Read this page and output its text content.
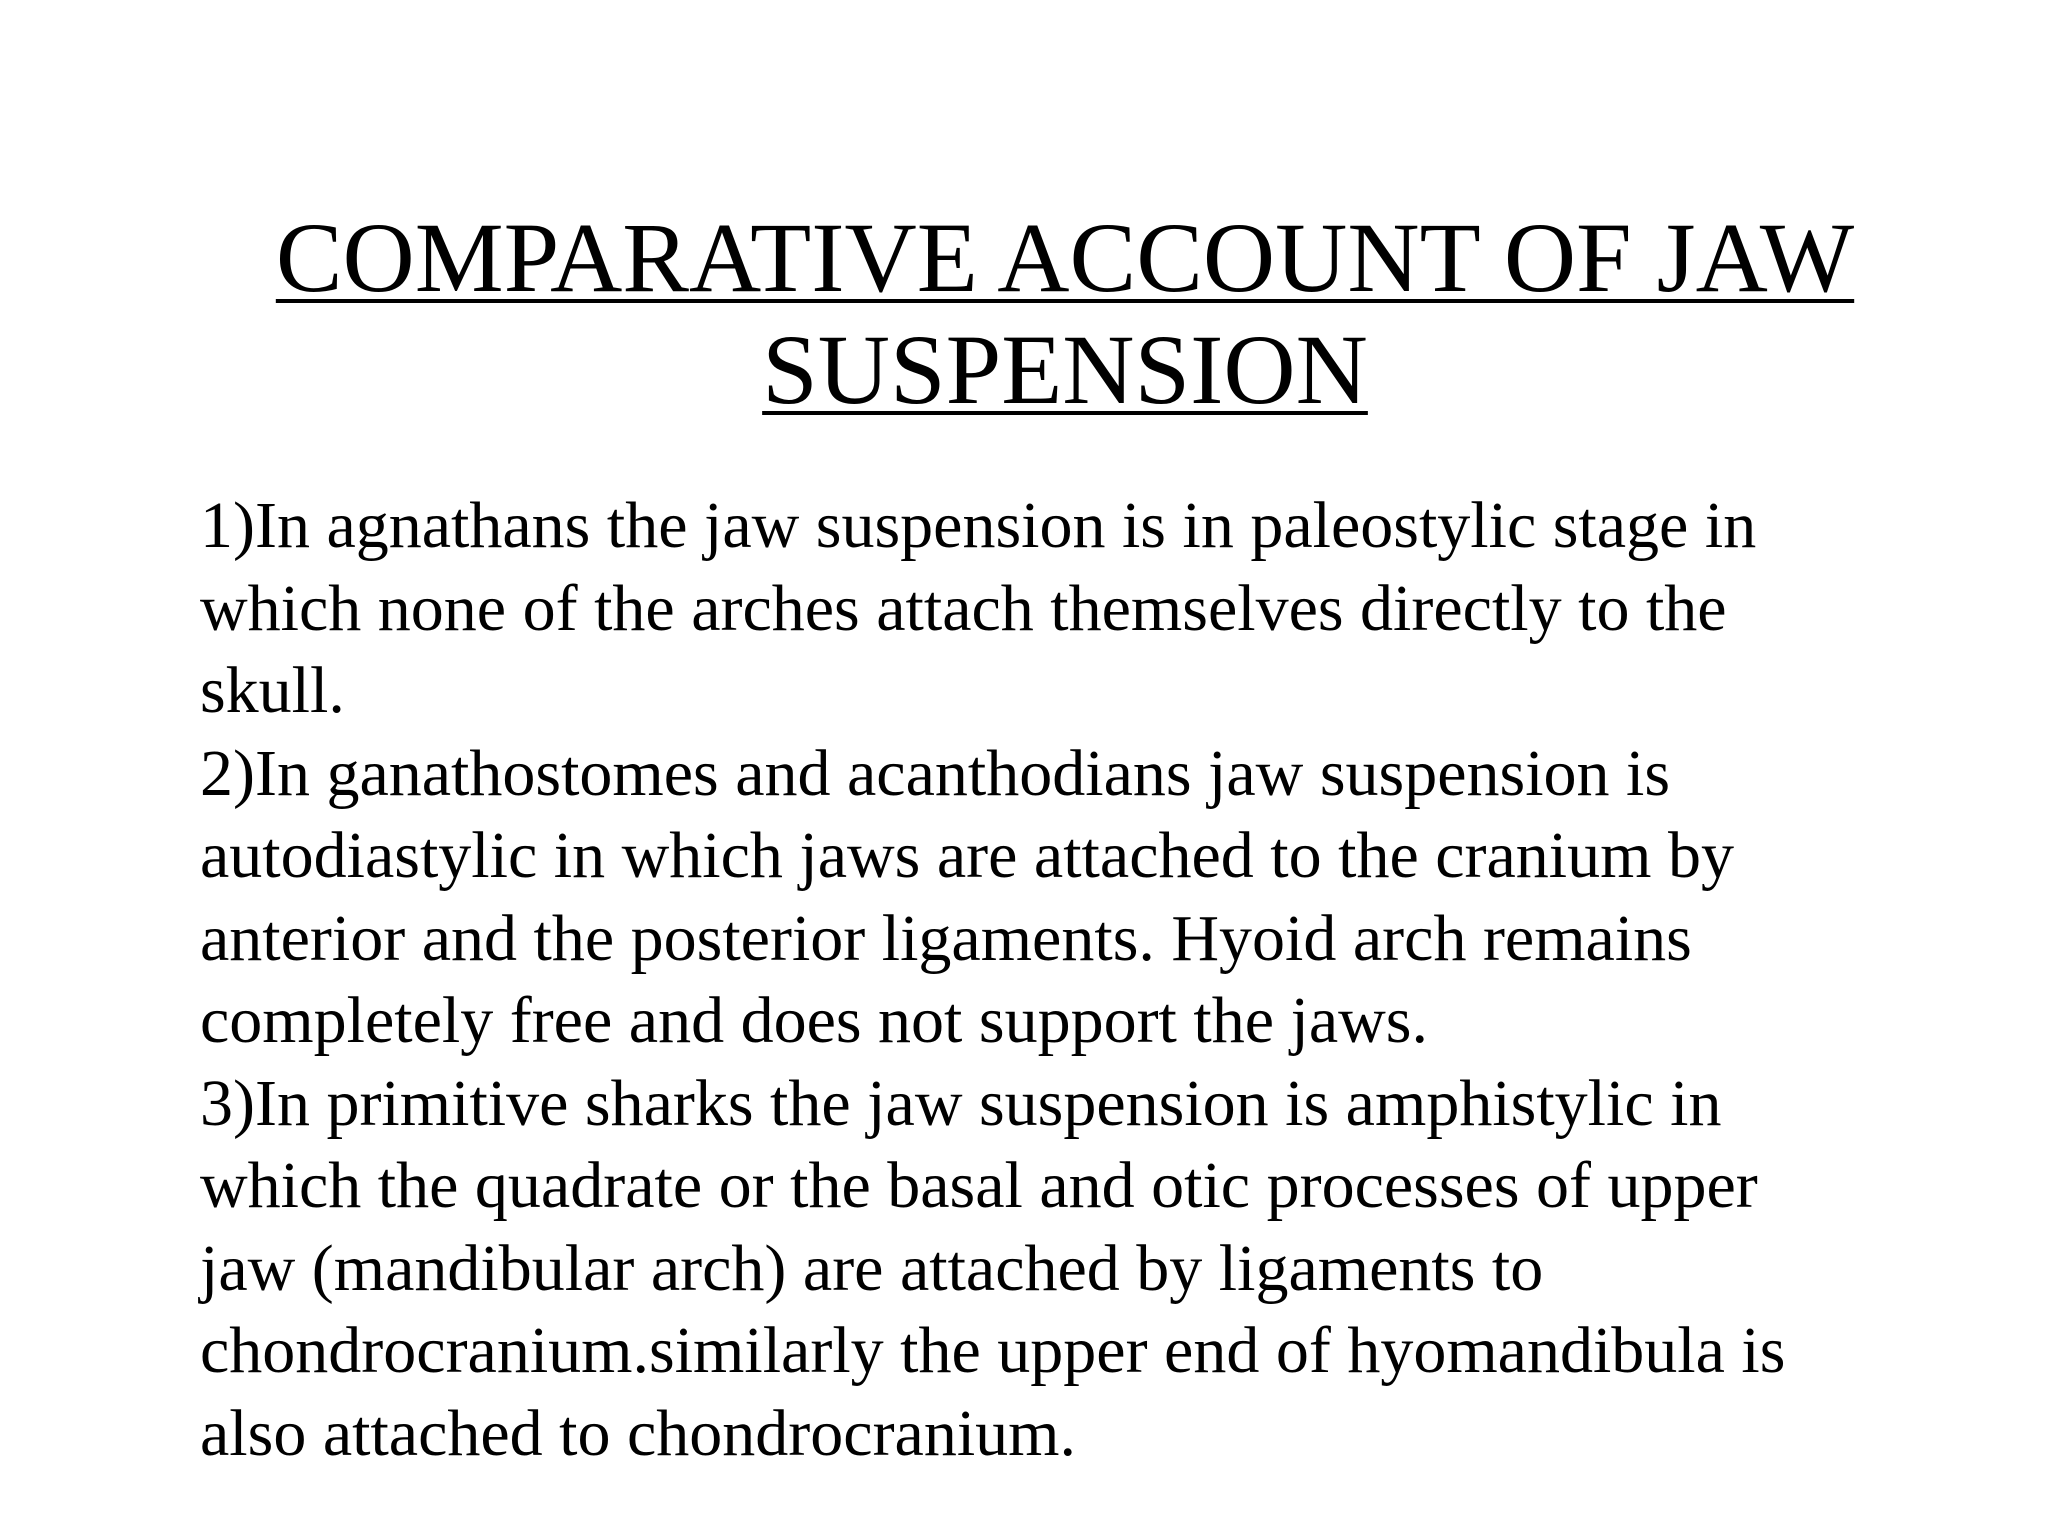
COMPARATIVE ACCOUNT OF JAW
SUSPENSION
1)In agnathans the jaw suspension is in paleostylic stage in
which none of the arches attach themselves directly to the
skull.
2)In ganathostomes and acanthodians jaw suspension is
autodiastylic in which jaws are attached to the cranium by
anterior and the posterior ligaments. Hyoid arch remains
completely free and does not support the jaws.
3)In primitive sharks the jaw suspension is amphistylic in
which the quadrate or the basal and otic processes of upper
jaw (mandibular arch) are attached by ligaments to
chondrocranium.similarly the upper end of hyomandibula is
also attached to chondrocranium.
